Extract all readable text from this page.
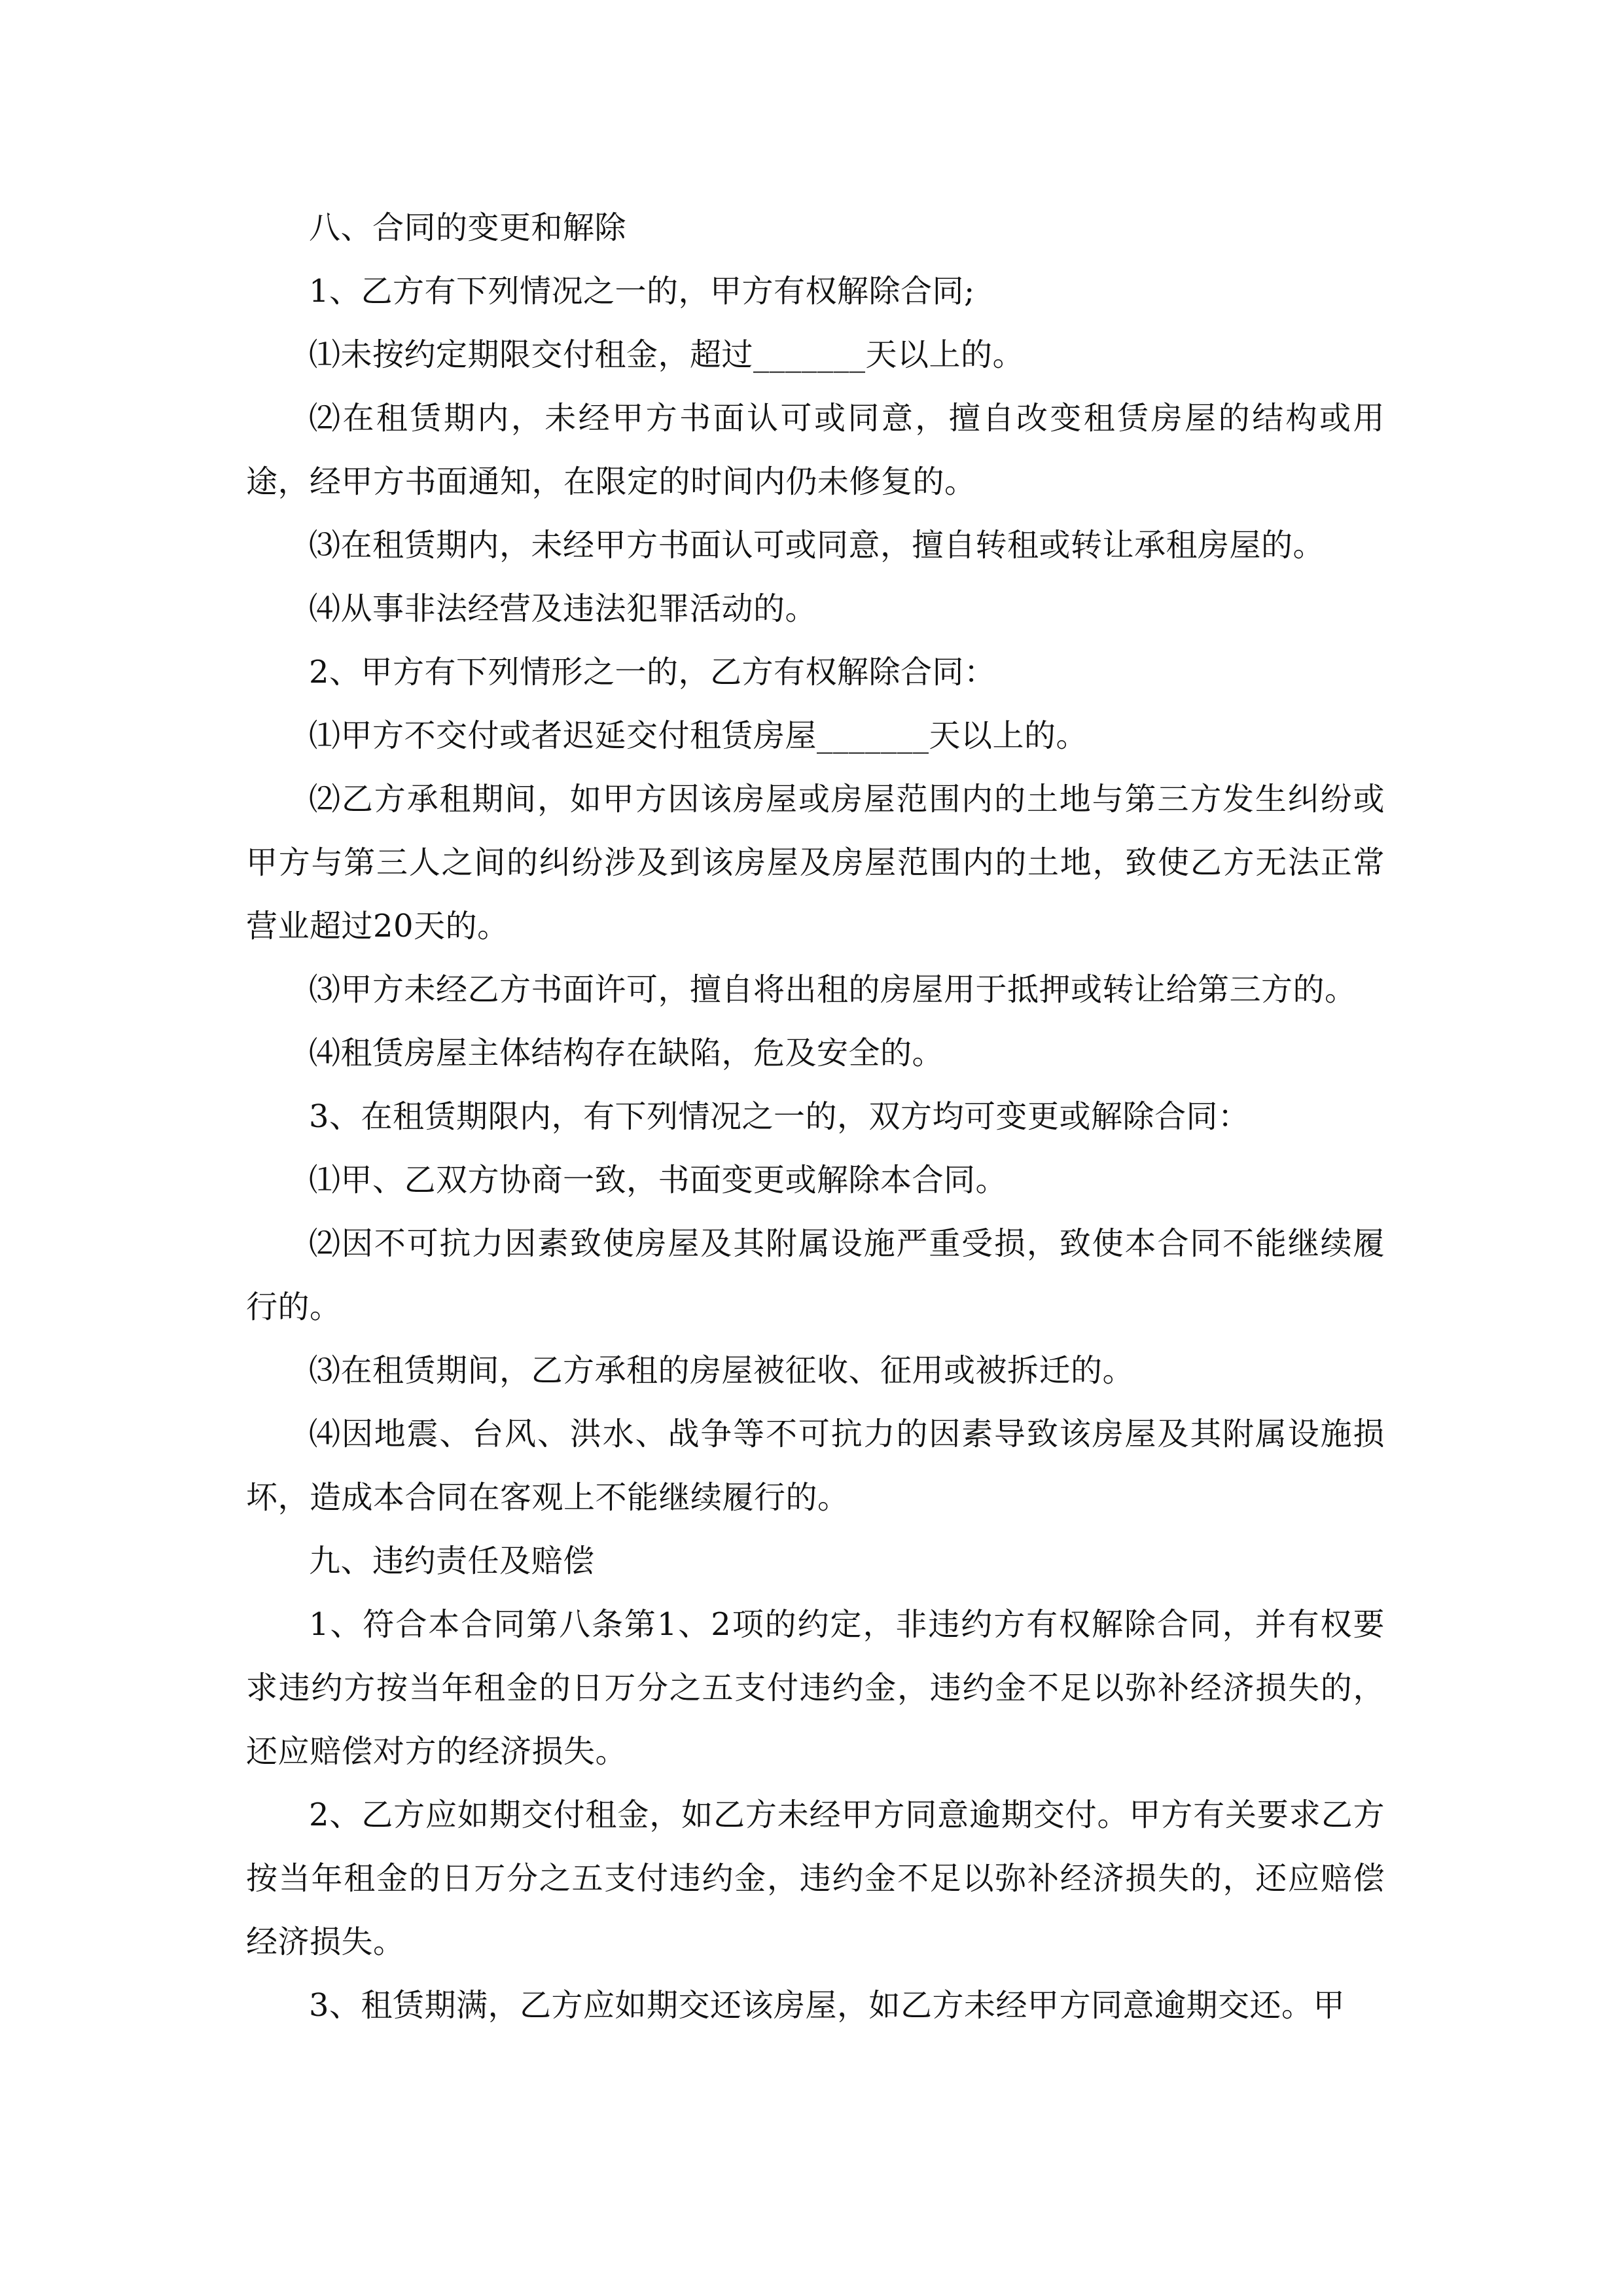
八、合同的变更和解除

1、乙方有下列情况之一的，甲方有权解除合同;

⑴未按约定期限交付租金，超过_______天以上的。

⑵在租赁期内，未经甲方书面认可或同意，擅自改变租赁房屋的结构或用途，经甲方书面通知，在限定的时间内仍未修复的。

⑶在租赁期内，未经甲方书面认可或同意，擅自转租或转让承租房屋的。

⑷从事非法经营及违法犯罪活动的。

2、甲方有下列情形之一的，乙方有权解除合同：

⑴甲方不交付或者迟延交付租赁房屋_______天以上的。

⑵乙方承租期间，如甲方因该房屋或房屋范围内的土地与第三方发生纠纷或甲方与第三人之间的纠纷涉及到该房屋及房屋范围内的土地，致使乙方无法正常营业超过20天的。

⑶甲方未经乙方书面许可，擅自将出租的房屋用于抵押或转让给第三方的。

⑷租赁房屋主体结构存在缺陷，危及安全的。

3、在租赁期限内，有下列情况之一的，双方均可变更或解除合同：

⑴甲、乙双方协商一致，书面变更或解除本合同。

⑵因不可抗力因素致使房屋及其附属设施严重受损，致使本合同不能继续履行的。

⑶在租赁期间，乙方承租的房屋被征收、征用或被拆迁的。

⑷因地震、台风、洪水、战争等不可抗力的因素导致该房屋及其附属设施损坏，造成本合同在客观上不能继续履行的。

九、违约责任及赔偿

1、符合本合同第八条第1、2项的约定，非违约方有权解除合同，并有权要求违约方按当年租金的日万分之五支付违约金，违约金不足以弥补经济损失的，还应赔偿对方的经济损失。

2、乙方应如期交付租金，如乙方未经甲方同意逾期交付。甲方有关要求乙方按当年租金的日万分之五支付违约金，违约金不足以弥补经济损失的，还应赔偿经济损失。

3、租赁期满，乙方应如期交还该房屋，如乙方未经甲方同意逾期交还。甲
